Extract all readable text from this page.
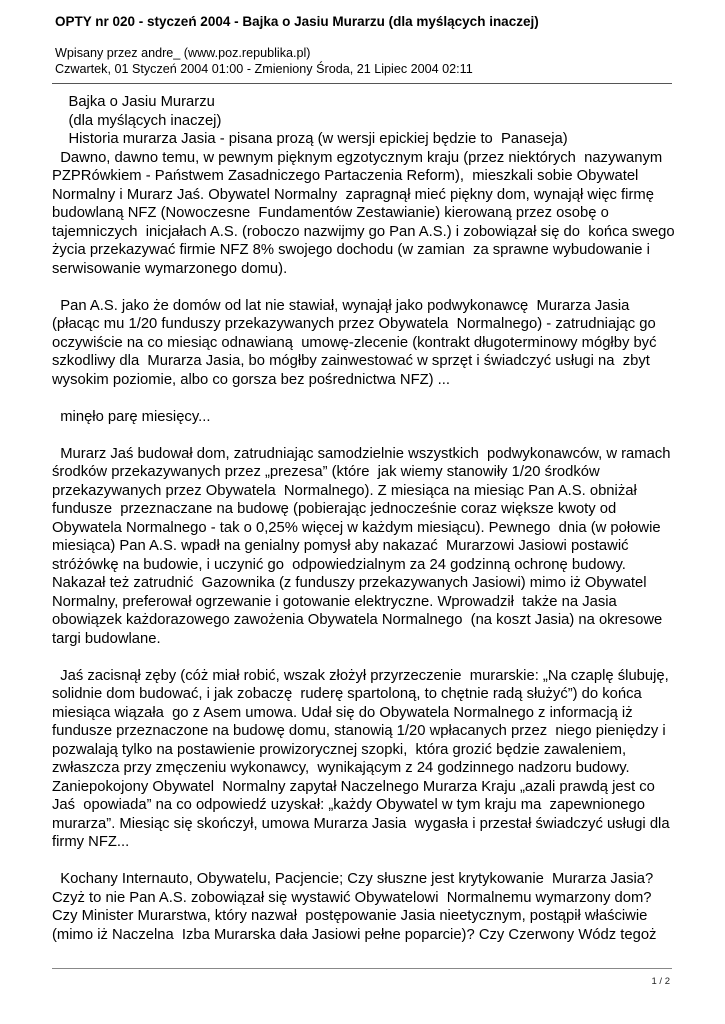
OPTY nr 020 - styczeń 2004 - Bajka o Jasiu Murarzu (dla myślących inaczej)
Wpisany przez andre_ (www.poz.republika.pl)
Czwartek, 01 Styczeń 2004 01:00 - Zmieniony Środa, 21 Lipiec 2004 02:11

Bajka o Jasiu Murarzu

(dla myślących inaczej)

Historia murarza Jasia - pisana prozą (w wersji epickiej będzie to  Panaseja)

Dawno, dawno temu, w pewnym pięknym egzotycznym kraju (przez niektórych  nazywanym PZPRówkiem - Państwem Zasadniczego Partaczenia Reform),  mieszkali sobie Obywatel Normalny i Murarz Jaś. Obywatel Normalny  zapragnął mieć piękny dom, wynajął więc firmę budowlaną NFZ (Nowoczesne  Fundamentów Zestawianie) kierowaną przez osobę o tajemniczych  inicjałach A.S. (roboczo nazwijmy go Pan A.S.) i zobowiązał się do  końca swego życia przekazywać firmie NFZ 8% swojego dochodu (w zamian  za sprawne wybudowanie i serwisowanie wymarzonego domu).

Pan A.S. jako że domów od lat nie stawiał, wynajął jako podwykonawcę  Murarza Jasia (płacąc mu 1/20 funduszy przekazywanych przez Obywatela  Normalnego) - zatrudniając go oczywiście na co miesiąc odnawianą  umowę-zlecenie (kontrakt długoterminowy mógłby być szkodliwy dla  Murarza Jasia, bo mógłby zainwestować w sprzęt i świadczyć usługi na  zbyt wysokim poziomie, albo co gorsza bez pośrednictwa NFZ) ...

minęło parę miesięcy...

Murarz Jaś budował dom, zatrudniając samodzielnie wszystkich  podwykonawców, w ramach środków przekazywanych przez „prezesa” (które  jak wiemy stanowiły 1/20 środków przekazywanych przez Obywatela  Normalnego). Z miesiąca na miesiąc Pan A.S. obniżał fundusze  przeznaczane na budowę (pobierając jednocześnie coraz większe kwoty od Obywatela Normalnego - tak o 0,25% więcej w każdym miesiącu). Pewnego  dnia (w połowie miesiąca) Pan A.S. wpadł na genialny pomysł aby nakazać  Murarzowi Jasiowi postawić stróżówkę na budowie, i uczynić go  odpowiedzialnym za 24 godzinną ochronę budowy. Nakazał też zatrudnić  Gazownika (z funduszy przekazywanych Jasiowi) mimo iż Obywatel Normalny, preferował ogrzewanie i gotowanie elektryczne. Wprowadził  także na Jasia obowiązek każdorazowego zawożenia Obywatela Normalnego  (na koszt Jasia) na okresowe targi budowlane.

Jaś zacisnął zęby (cóż miał robić, wszak złożył przyrzeczenie  murarskie: „Na czaplę ślubuję, solidnie dom budować, i jak zobaczę  ruderę spartoloną, to chętnie radą służyć”) do końca miesiąca wiązała  go z Asem umowa. Udał się do Obywatela Normalnego z informacją iż fundusze przeznaczone na budowę domu, stanowią 1/20 wpłacanych przez  niego pieniędzy i pozwalają tylko na postawienie prowizorycznej szopki,  która grozić będzie zawaleniem, zwłaszcza przy zmęczeniu wykonawcy,  wynikającym z 24 godzinnego nadzoru budowy. Zaniepokojony Obywatel  Normalny zapytał Naczelnego Murarza Kraju „azali prawdą jest co Jaś  opowiada” na co odpowiedź uzyskał: „każdy Obywatel w tym kraju ma  zapewnionego murarza”. Miesiąc się skończył, umowa Murarza Jasia  wygasła i przestał świadczyć usługi dla firmy NFZ...

Kochany Internauto, Obywatelu, Pacjencie; Czy słuszne jest krytykowanie  Murarza Jasia? Czyż to nie Pan A.S. zobowiązał się wystawić Obywatelowi  Normalnemu wymarzony dom? Czy Minister Murarstwa, który nazwał  postępowanie Jasia nieetycznym, postąpił właściwie (mimo iż Naczelna  Izba Murarska dała Jasiowi pełne poparcie)? Czy Czerwony Wódz tegoż

1 / 2
